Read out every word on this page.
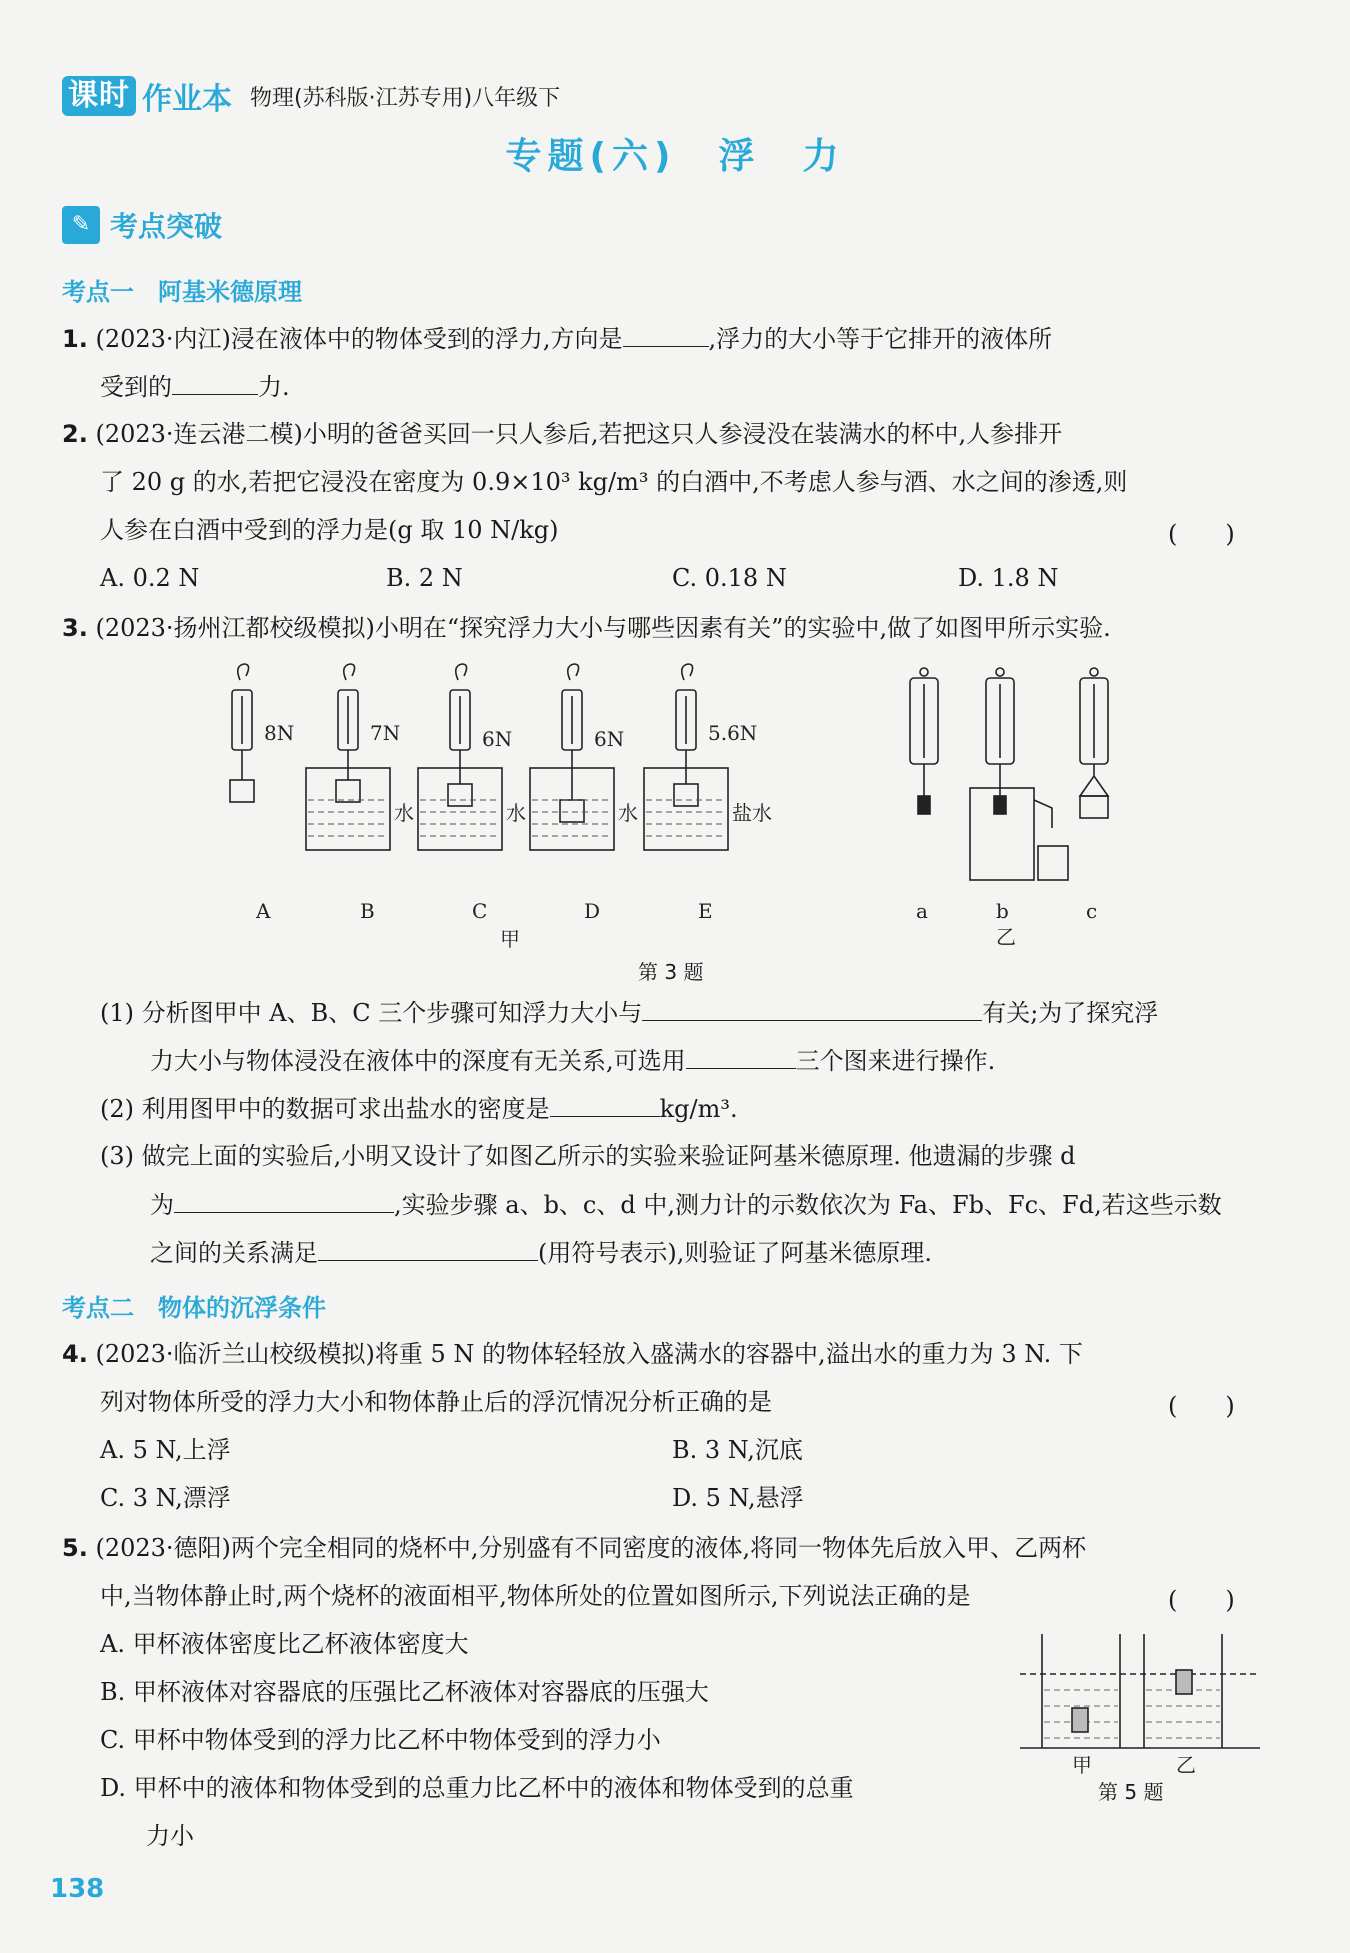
课时 作业本 物理(苏科版·江苏专用)八年级下
专题(六)　浮　力
✎ 考点突破
考点一　阿基米德原理
1. (2023·内江)浸在液体中的物体受到的浮力,方向是	,浮力的大小等于它排开的液体所
受到的	力.
2. (2023·连云港二模)小明的爸爸买回一只人参后,若把这只人参浸没在装满水的杯中,人参排开
了 20 g 的水,若把它浸没在密度为 0.9×10³ kg/m³ 的白酒中,不考虑人参与酒、水之间的渗透,则
人参在白酒中受到的浮力是(g 取 10 N/kg)	(　　)
A. 0.2 N	B. 2 N	C. 0.18 N	D. 1.8 N
3. (2023·扬州江都校级模拟)小明在“探究浮力大小与哪些因素有关”的实验中,做了如图甲所示实验.
8N	7N	6N	6N	5.6N
水	水	水	盐水
A	B	C	D	E
甲
a	b	c
乙
第 3 题
(1) 分析图甲中 A、B、C 三个步骤可知浮力大小与	有关;为了探究浮
力大小与物体浸没在液体中的深度有无关系,可选用	三个图来进行操作.
(2) 利用图甲中的数据可求出盐水的密度是	kg/m³.
(3) 做完上面的实验后,小明又设计了如图乙所示的实验来验证阿基米德原理. 他遗漏的步骤 d
为	,实验步骤 a、b、c、d 中,测力计的示数依次为 Fa、Fb、Fc、Fd,若这些示数
之间的关系满足	(用符号表示),则验证了阿基米德原理.
考点二　物体的沉浮条件
4. (2023·临沂兰山校级模拟)将重 5 N 的物体轻轻放入盛满水的容器中,溢出水的重力为 3 N. 下
列对物体所受的浮力大小和物体静止后的浮沉情况分析正确的是	(　　)
A. 5 N,上浮	B. 3 N,沉底
C. 3 N,漂浮	D. 5 N,悬浮
5. (2023·德阳)两个完全相同的烧杯中,分别盛有不同密度的液体,将同一物体先后放入甲、乙两杯
中,当物体静止时,两个烧杯的液面相平,物体所处的位置如图所示,下列说法正确的是	(　　)
A. 甲杯液体密度比乙杯液体密度大
B. 甲杯液体对容器底的压强比乙杯液体对容器底的压强大
C. 甲杯中物体受到的浮力比乙杯中物体受到的浮力小
D. 甲杯中的液体和物体受到的总重力比乙杯中的液体和物体受到的总重
力小
甲	乙
第 5 题
138
